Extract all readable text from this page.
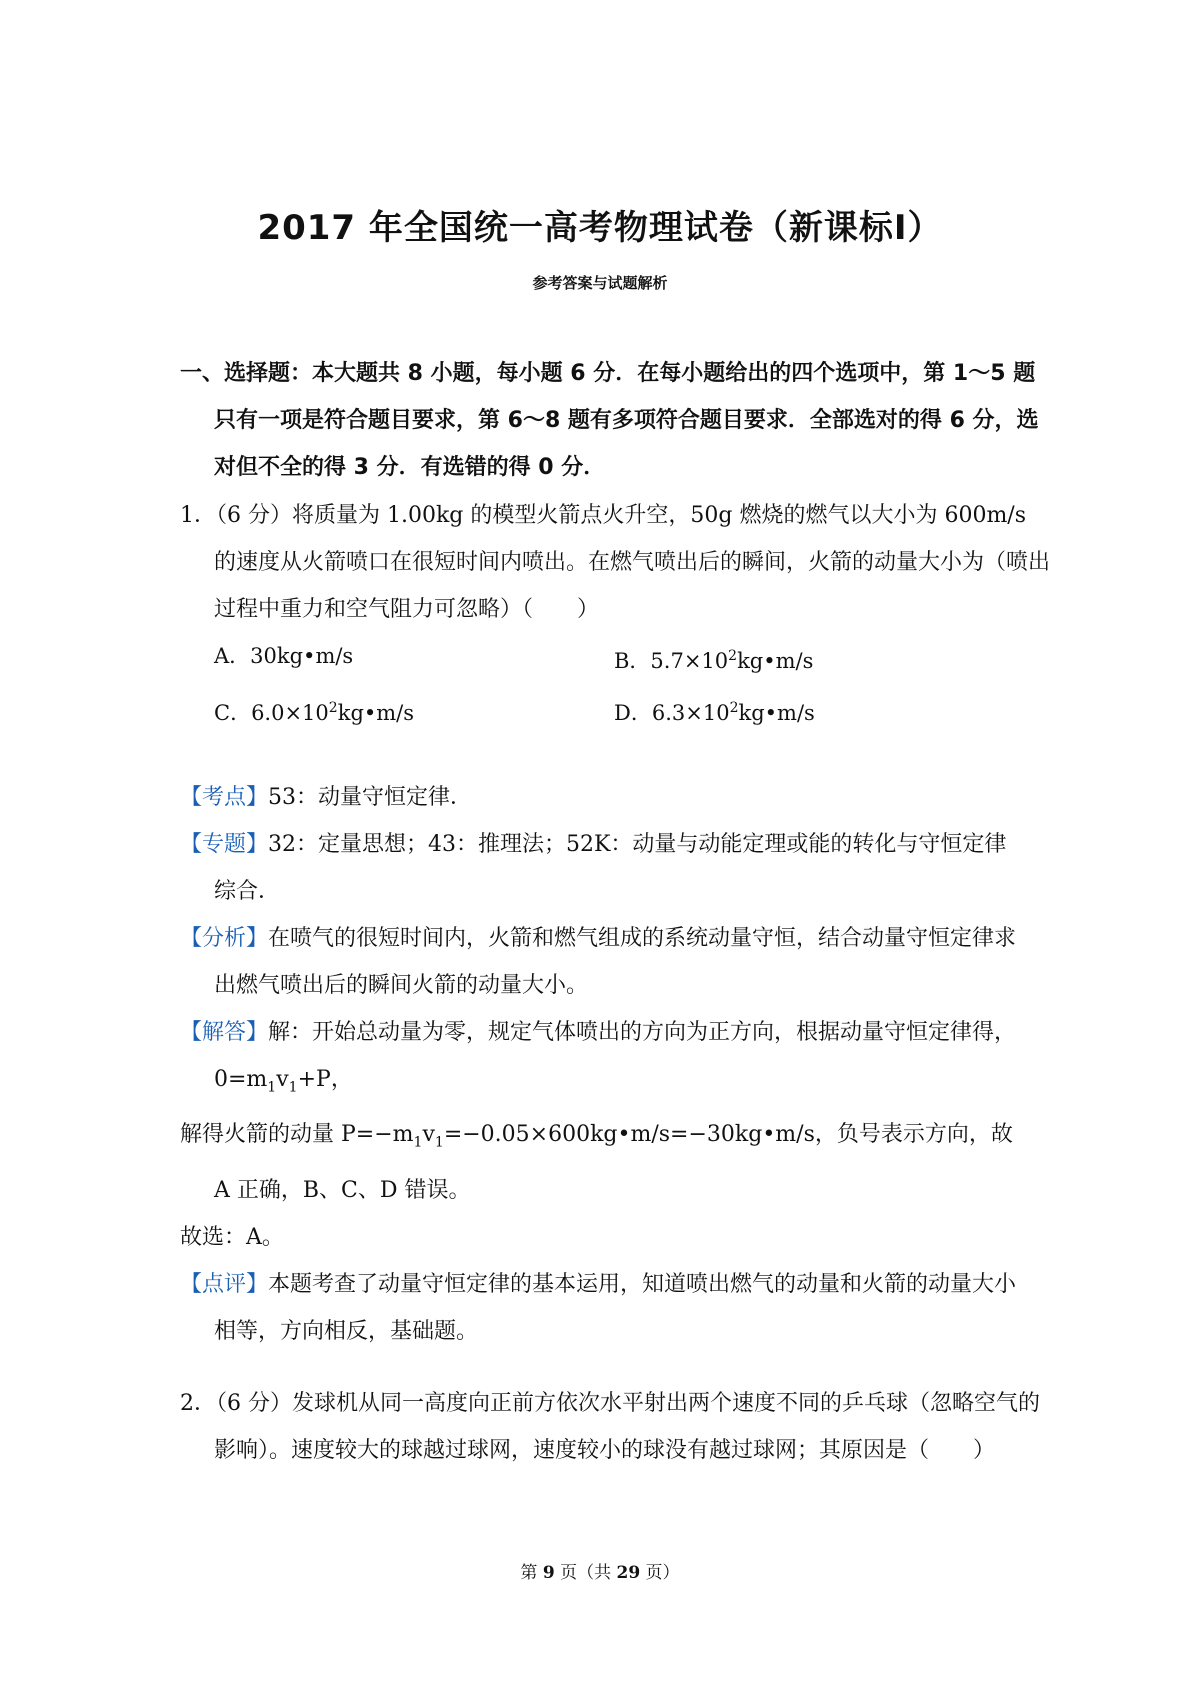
2017 年全国统一高考物理试卷（新课标Ⅰ）
参考答案与试题解析
一、选择题：本大题共 8 小题，每小题 6 分．在每小题给出的四个选项中，第 1～5 题只有一项是符合题目要求，第 6～8 题有多项符合题目要求．全部选对的得 6 分，选对但不全的得 3 分．有选错的得 0 分．
1．（6 分）将质量为 1.00kg 的模型火箭点火升空，50g 燃烧的燃气以大小为 600m/s 的速度从火箭喷口在很短时间内喷出。在燃气喷出后的瞬间，火箭的动量大小为（喷出过程中重力和空气阻力可忽略）（　　）
A．30kg•m/s	B．$5.7\times 10^2kg•m/s$
C．$6.0\times 10^2kg•m/s$	D．$6.3\times 10^2kg•m/s$

【考点】53：动量守恒定律．

【专题】32：定量思想；43：推理法；52K：动量与动能定理或能的转化与守恒定律综合．

【分析】在喷气的很短时间内，火箭和燃气组成的系统动量守恒，结合动量守恒定律求出燃气喷出后的瞬间火箭的动量大小。

【解答】解：开始总动量为零，规定气体喷出的方向为正方向，根据动量守恒定律得，$0=m_1v_1+P$，

解得火箭的动量 $P=-m_1v_1=-0.05\times 600kg•m/s=-30kg•m/s$，负号表示方向，故 A 正确，B、C、D 错误。

故选：A。

【点评】本题考查了动量守恒定律的基本运用，知道喷出燃气的动量和火箭的动量大小相等，方向相反，基础题。

2．（6 分）发球机从同一高度向正前方依次水平射出两个速度不同的乒乓球（忽略空气的影响）。速度较大的球越过球网，速度较小的球没有越过球网；其原因是（　　）
第 9 页（共 29 页）
